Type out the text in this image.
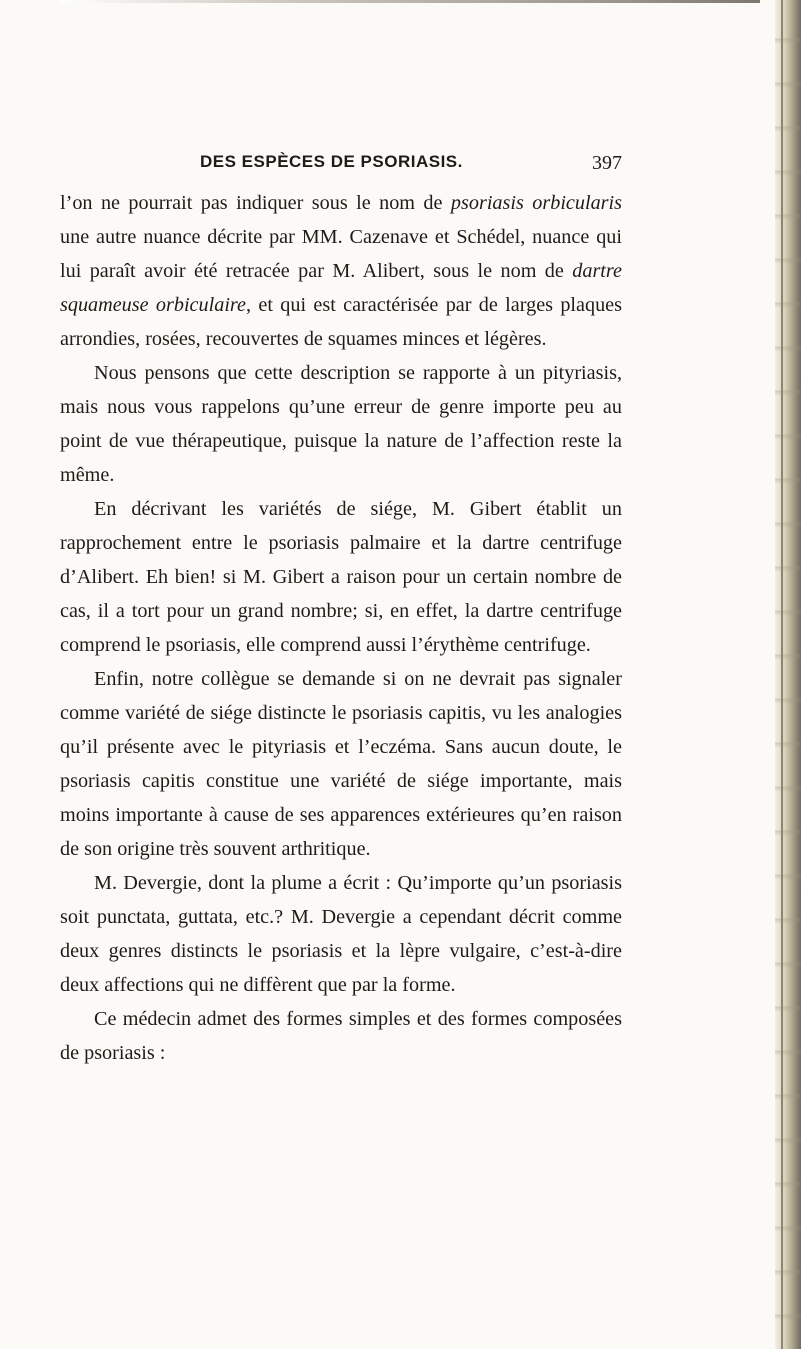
DES ESPÈCES DE PSORIASIS.	397

l’on ne pourrait pas indiquer sous le nom de psoriasis orbicularis une autre nuance décrite par MM. Cazenave et Schédel, nuance qui lui paraît avoir été retracée par M. Alibert, sous le nom de dartre squameuse orbiculaire, et qui est caractérisée par de larges plaques arrondies, rosées, recouvertes de squames minces et légères.

Nous pensons que cette description se rapporte à un pityriasis, mais nous vous rappelons qu’une erreur de genre importe peu au point de vue thérapeutique, puisque la nature de l’affection reste la même.

En décrivant les variétés de siége, M. Gibert établit un rapprochement entre le psoriasis palmaire et la dartre centrifuge d’Alibert. Eh bien! si M. Gibert a raison pour un certain nombre de cas, il a tort pour un grand nombre; si, en effet, la dartre centrifuge comprend le psoriasis, elle comprend aussi l’érythème centrifuge.

Enfin, notre collègue se demande si on ne devrait pas signaler comme variété de siége distincte le psoriasis capitis, vu les analogies qu’il présente avec le pityriasis et l’eczéma. Sans aucun doute, le psoriasis capitis constitue une variété de siége importante, mais moins importante à cause de ses apparences extérieures qu’en raison de son origine très souvent arthritique.

M. Devergie, dont la plume a écrit : Qu’importe qu’un psoriasis soit punctata, guttata, etc.? M. Devergie a cependant décrit comme deux genres distincts le psoriasis et la lèpre vulgaire, c’est-à-dire deux affections qui ne diffèrent que par la forme.

Ce médecin admet des formes simples et des formes composées de psoriasis :
